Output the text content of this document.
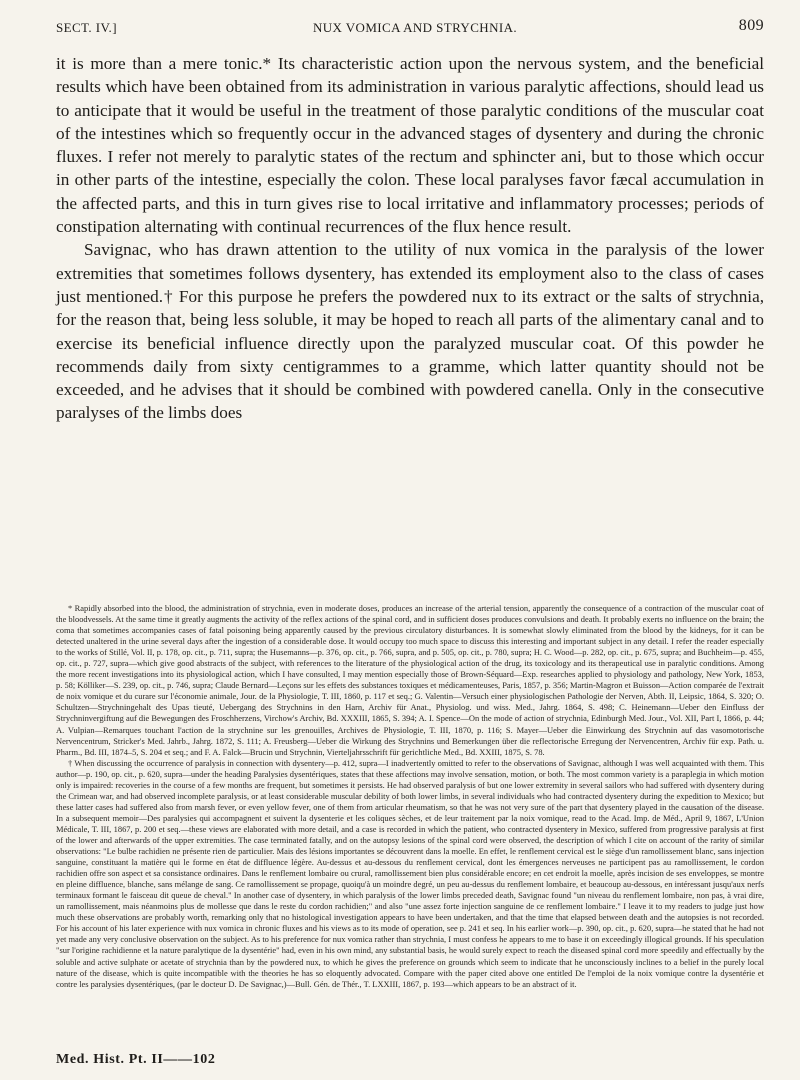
SECT. IV.]	NUX VOMICA AND STRYCHNIA.	809

it is more than a mere tonic.* Its characteristic action upon the nervous system, and the beneficial results which have been obtained from its administration in various paralytic affections, should lead us to anticipate that it would be useful in the treatment of those paralytic conditions of the muscular coat of the intestines which so frequently occur in the advanced stages of dysentery and during the chronic fluxes. I refer not merely to paralytic states of the rectum and sphincter ani, but to those which occur in other parts of the intestine, especially the colon. These local paralyses favor fæcal accumulation in the affected parts, and this in turn gives rise to local irritative and inflammatory processes; periods of constipation alternating with continual recurrences of the flux hence result.

Savignac, who has drawn attention to the utility of nux vomica in the paralysis of the lower extremities that sometimes follows dysentery, has extended its employment also to the class of cases just mentioned.† For this purpose he prefers the powdered nux to its extract or the salts of strychnia, for the reason that, being less soluble, it may be hoped to reach all parts of the alimentary canal and to exercise its beneficial influence directly upon the paralyzed muscular coat. Of this powder he recommends daily from sixty centigrammes to a gramme, which latter quantity should not be exceeded, and he advises that it should be combined with powdered canella. Only in the consecutive paralyses of the limbs does

* Rapidly absorbed into the blood, the administration of strychnia, even in moderate doses, produces an increase of the arterial tension, apparently the consequence of a contraction of the muscular coat of the bloodvessels. At the same time it greatly augments the activity of the reflex actions of the spinal cord, and in sufficient doses produces convulsions and death. It probably exerts no influence on the brain; the coma that sometimes accompanies cases of fatal poisoning being apparently caused by the previous circulatory disturbances. It is somewhat slowly eliminated from the blood by the kidneys, for it can be detected unaltered in the urine several days after the ingestion of a considerable dose. It would occupy too much space to discuss this interesting and important subject in any detail. I refer the reader especially to the works of Stillé, Vol. II, p. 178, op. cit., p. 711, supra; the Husemanns—p. 376, op. cit., p. 766, supra, and p. 505, op. cit., p. 780, supra; H. C. Wood—p. 282, op. cit., p. 675, supra; and Buchheim—p. 455, op. cit., p. 727, supra—which give good abstracts of the subject, with references to the literature of the physiological action of the drug, its toxicology and its therapeutical use in paralytic conditions. Among the more recent investigations into its physiological action, which I have consulted, I may mention especially those of Brown-Séquard—Exp. researches applied to physiology and pathology, New York, 1853, p. 58; Kölliker—S. 239, op. cit., p. 746, supra; Claude Bernard—Leçons sur les effets des substances toxiques et médicamenteuses, Paris, 1857, p. 356; Martin-Magron et Buisson—Action comparée de l'extrait de noix vomique et du curare sur l'économie animale, Jour. de la Physiologie, T. III, 1860, p. 117 et seq.; G. Valentin—Versuch einer physiologischen Pathologie der Nerven, Abth. II, Leipsic, 1864, S. 320; O. Schultzen—Strychningehalt des Upas tieuté, Uebergang des Strychnins in den Harn, Archiv für Anat., Physiolog. und wiss. Med., Jahrg. 1864, S. 498; C. Heinemann—Ueber den Einfluss der Strychninvergiftung auf die Bewegungen des Froschherzens, Virchow's Archiv, Bd. XXXIII, 1865, S. 394; A. I. Spence—On the mode of action of strychnia, Edinburgh Med. Jour., Vol. XII, Part I, 1866, p. 44; A. Vulpian—Remarques touchant l'action de la strychnine sur les grenouilles, Archives de Physiologie, T. III, 1870, p. 116; S. Mayer—Ueber die Einwirkung des Strychnin auf das vasomotorische Nervencentrum, Stricker's Med. Jahrb., Jahrg. 1872, S. 111; A. Freusberg—Ueber die Wirkung des Strychnins und Bemerkungen über die reflectorische Erregung der Nervencentren, Archiv für exp. Path. u. Pharm., Bd. III, 1874–5, S. 204 et seq.; and F. A. Falck—Brucin und Strychnin, Vierteljahrsschrift für gerichtliche Med., Bd. XXIII, 1875, S. 78.

† When discussing the occurrence of paralysis in connection with dysentery—p. 412, supra—I inadvertently omitted to refer to the observations of Savignac, although I was well acquainted with them. This author—p. 190, op. cit., p. 620, supra—under the heading Paralysies dysentériques, states that these affections may involve sensation, motion, or both. The most common variety is a paraplegia in which motion only is impaired: recoveries in the course of a few months are frequent, but sometimes it persists. He had observed paralysis of but one lower extremity in several sailors who had suffered with dysentery during the Crimean war, and had observed incomplete paralysis, or at least considerable muscular debility of both lower limbs, in several individuals who had contracted dysentery during the expedition to Mexico; but these latter cases had suffered also from marsh fever, or even yellow fever, one of them from articular rheumatism, so that he was not very sure of the part that dysentery played in the causation of the disease. In a subsequent memoir—Des paralysies qui accompagnent et suivent la dysenterie et les coliques sèches, et de leur traitement par la noix vomique, read to the Acad. Imp. de Méd., April 9, 1867, L'Union Médicale, T. III, 1867, p. 200 et seq.—these views are elaborated with more detail, and a case is recorded in which the patient, who contracted dysentery in Mexico, suffered from progressive paralysis at first of the lower and afterwards of the upper extremities. The case terminated fatally, and on the autopsy lesions of the spinal cord were observed, the description of which I cite on account of the rarity of similar observations: "Le bulbe rachidien ne présente rien de particulier. Mais des lésions importantes se découvrent dans la moelle. En effet, le renflement cervical est le siège d'un ramollissement blanc, sans injection sanguine, constituant la matière qui le forme en état de diffluence légère. Au-dessus et au-dessous du renflement cervical, dont les émergences nerveuses ne participent pas au ramollissement, le cordon rachidien offre son aspect et sa consistance ordinaires. Dans le renflement lombaire ou crural, ramollissement bien plus considérable encore; en cet endroit la moelle, après incision de ses enveloppes, se montre en pleine diffluence, blanche, sans mélange de sang. Ce ramollissement se propage, quoiqu'à un moindre degré, un peu au-dessus du renflement lombaire, et beaucoup au-dessous, en intéressant jusqu'aux nerfs terminaux formant le faisceau dit queue de cheval." In another case of dysentery, in which paralysis of the lower limbs preceded death, Savignac found "un niveau du renflement lombaire, non pas, à vrai dire, un ramollissement, mais néanmoins plus de mollesse que dans le reste du cordon rachidien;" and also "une assez forte injection sanguine de ce renflement lombaire." I leave it to my readers to judge just how much these observations are probably worth, remarking only that no histological investigation appears to have been undertaken, and that the time that elapsed between death and the autopsies is not recorded. For his account of his later experience with nux vomica in chronic fluxes and his views as to its mode of operation, see p. 241 et seq. In his earlier work—p. 390, op. cit., p. 620, supra—he stated that he had not yet made any very conclusive observation on the subject. As to his preference for nux vomica rather than strychnia, I must confess he appears to me to base it on exceedingly illogical grounds. If his speculation "sur l'origine rachidienne et la nature paralytique de la dysentérie" had, even in his own mind, any substantial basis, he would surely expect to reach the diseased spinal cord more speedily and effectually by the soluble and active sulphate or acetate of strychnia than by the powdered nux, to which he gives the preference on grounds which seem to indicate that he unconsciously inclines to a belief in the purely local nature of the disease, which is quite incompatible with the theories he has so eloquently advocated. Compare with the paper cited above one entitled De l'emploi de la noix vomique contre la dysentérie et contre les paralysies dysentériques, (par le docteur D. De Savignac,)—Bull. Gén. de Thér., T. LXXIII, 1867, p. 193—which appears to be an abstract of it.

Med. Hist. Pt. II——102
